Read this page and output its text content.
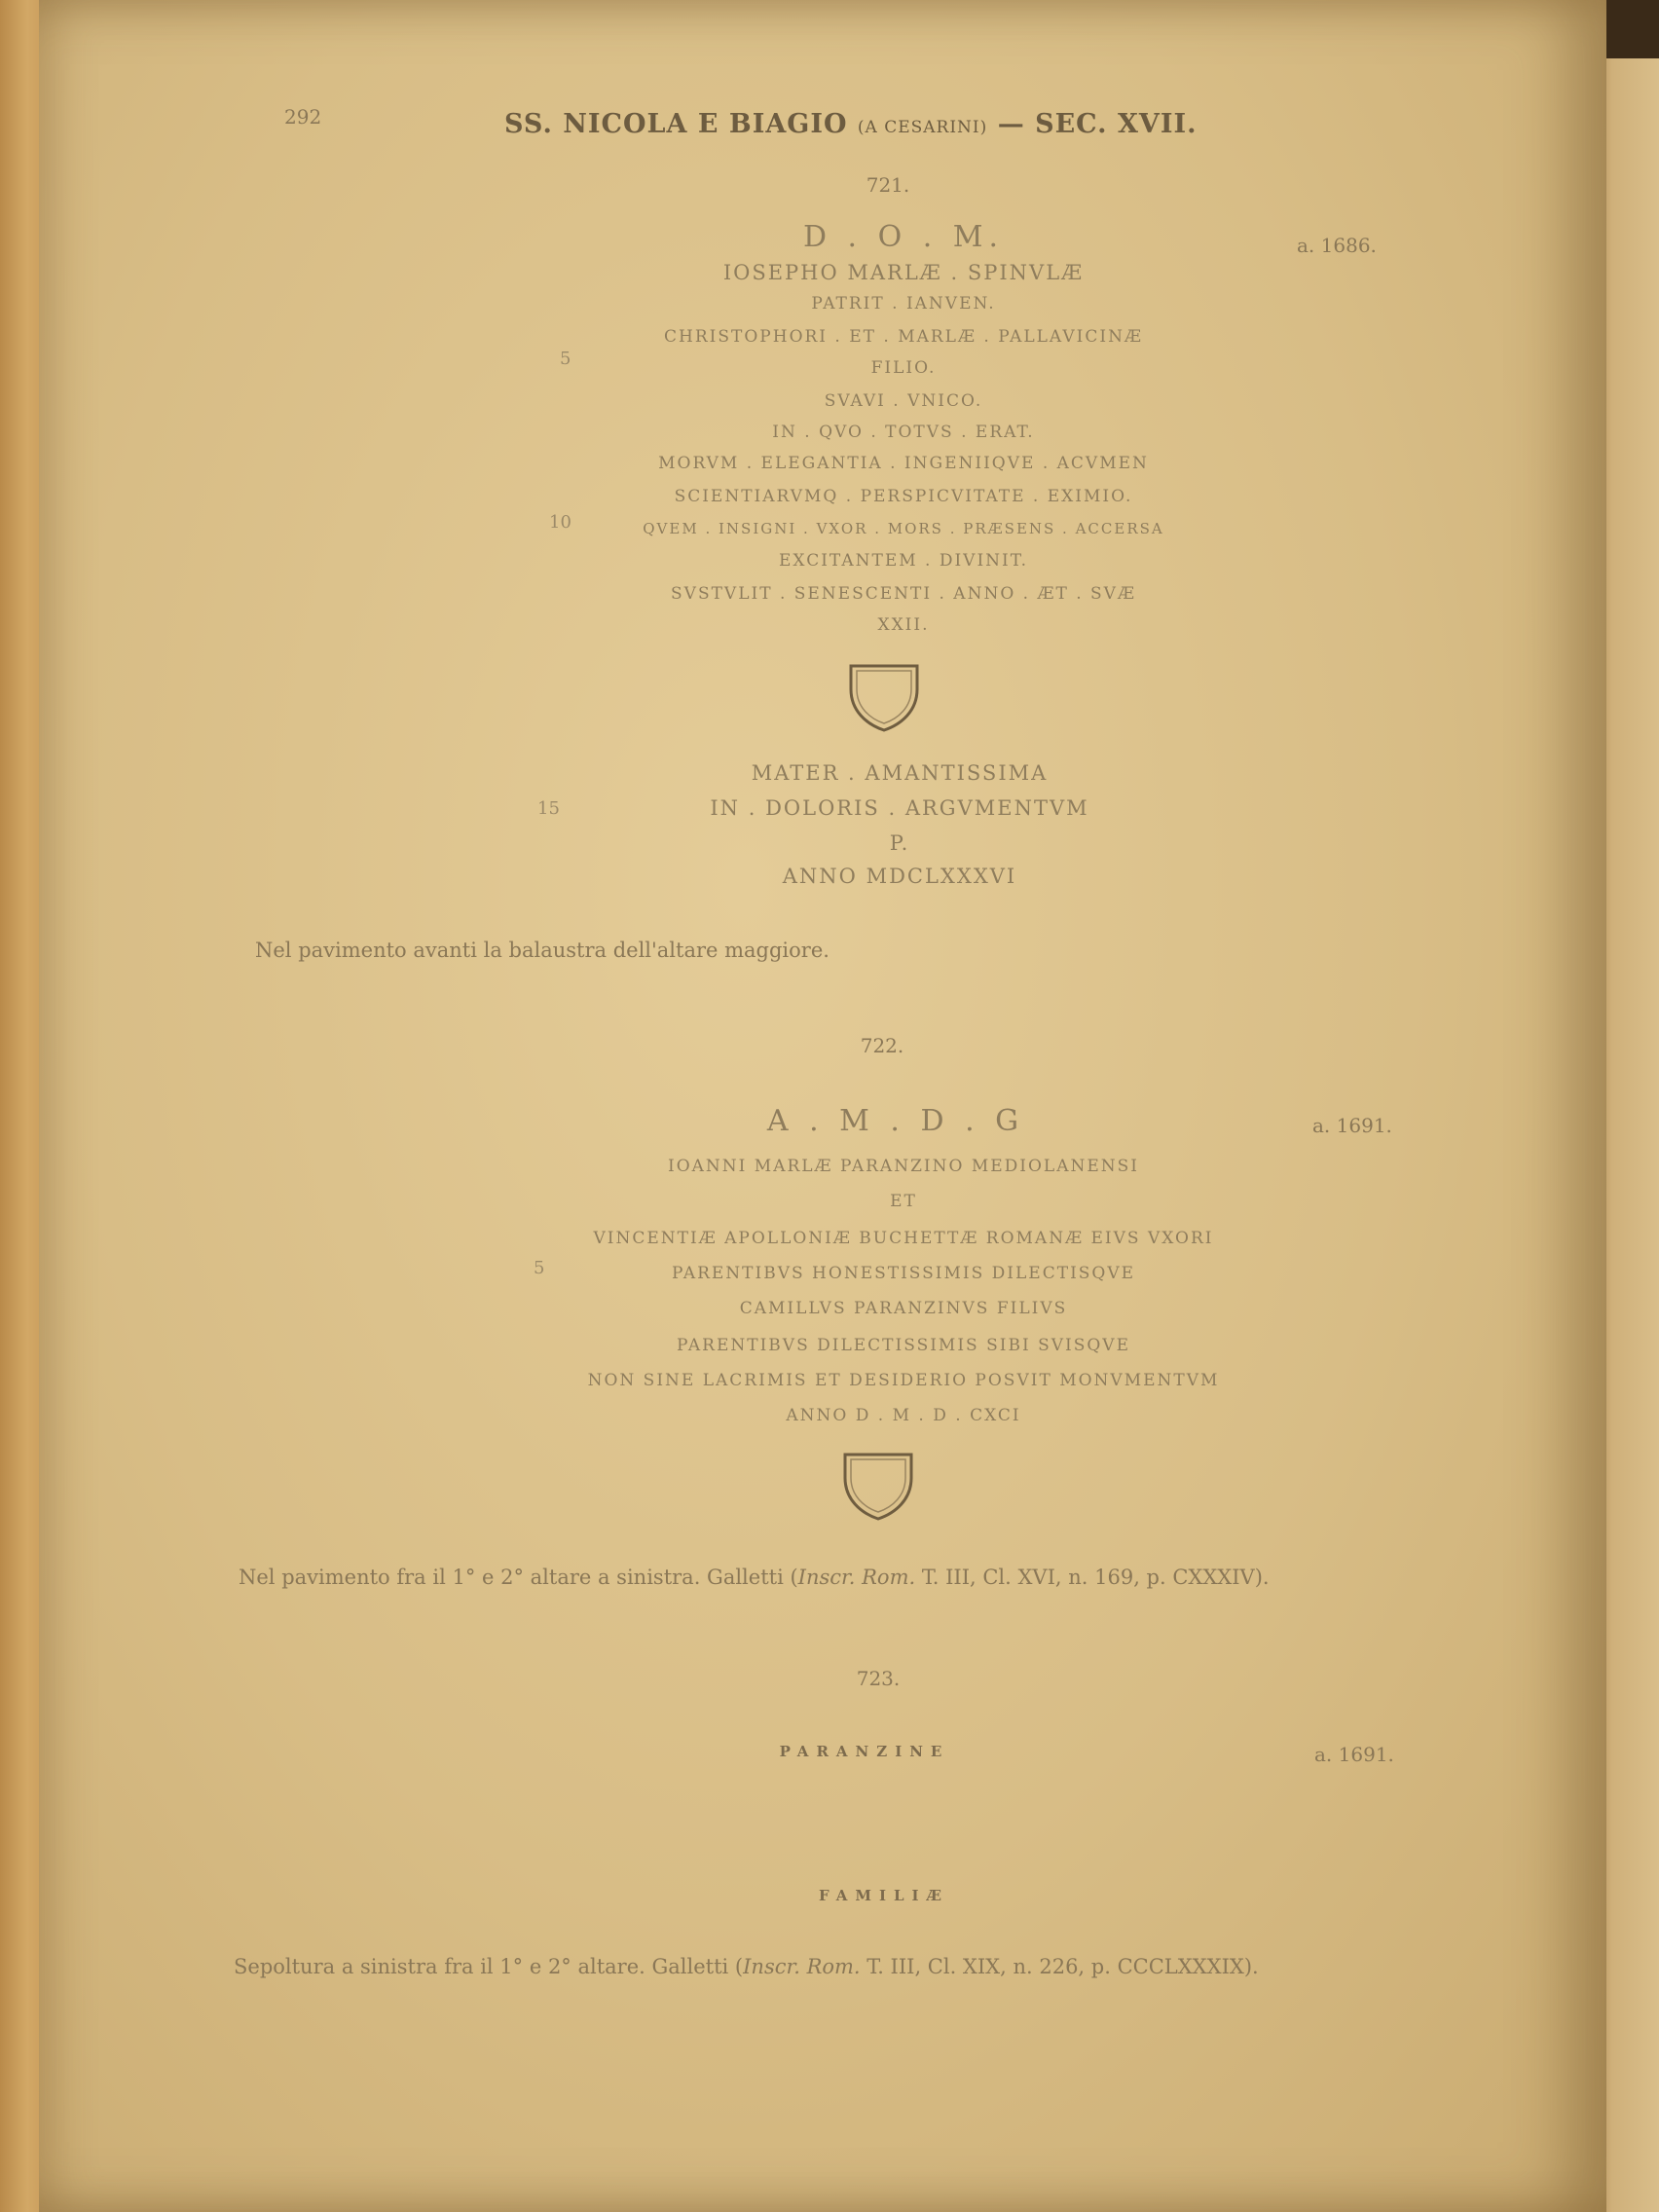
292	SS. NICOLA E BIAGIO (A CESARINI) — SEC. XVII.
721.
D . O . M.	a. 1686.
IOSEPHO MARLÆ . SPINVLÆ
PATRIT . IANVEN.
CHRISTOPHORI . ET . MARLÆ . PALLAVICINÆ
5	FILIO.
SVAVI . VNICO.
IN . QVO . TOTVS . ERAT.
MORVM . ELEGANTIA . INGENIIQVE . ACVMEN
SCIENTIARVMQ . PERSPICVITATE . EXIMIO.
10	QVEM . INSIGNI . VXOR . MORS . PRÆSENS . ACCERSA
EXCITANTEM . DIVINIT.
SVSTVLIT . SENESCENTI . ANNO . ÆT . SVÆ
XXII.
MATER . AMANTISSIMA
15	IN . DOLORIS . ARGVMENTVM
P.
ANNO MDCLXXXVI
Nel pavimento avanti la balaustra dell'altare maggiore.
722.
A . M . D . G	a. 1691.
IOANNI MARLÆ PARANZINO MEDIOLANENSI
ET
VINCENTIÆ APOLLONIÆ BUCHETTÆ ROMANÆ EIVS VXORI
5	PARENTIBVS HONESTISSIMIS DILECTISQVE
CAMILLVS PARANZINVS FILIVS
PARENTIBVS DILECTISSIMIS SIBI SVISQVE
NON SINE LACRIMIS ET DESIDERIO POSVIT MONVMENTVM
ANNO D . M . D . CXCI
Nel pavimento fra il 1° e 2° altare a sinistra. Galletti (Inscr. Rom. T. III, Cl. XVI, n. 169, p. CXXXIV).
723.
PARANZINE	a. 1691.
FAMILIÆ
Sepoltura a sinistra fra il 1° e 2° altare. Galletti (Inscr. Rom. T. III, Cl. XIX, n. 226, p. CCCLXXXIX).
